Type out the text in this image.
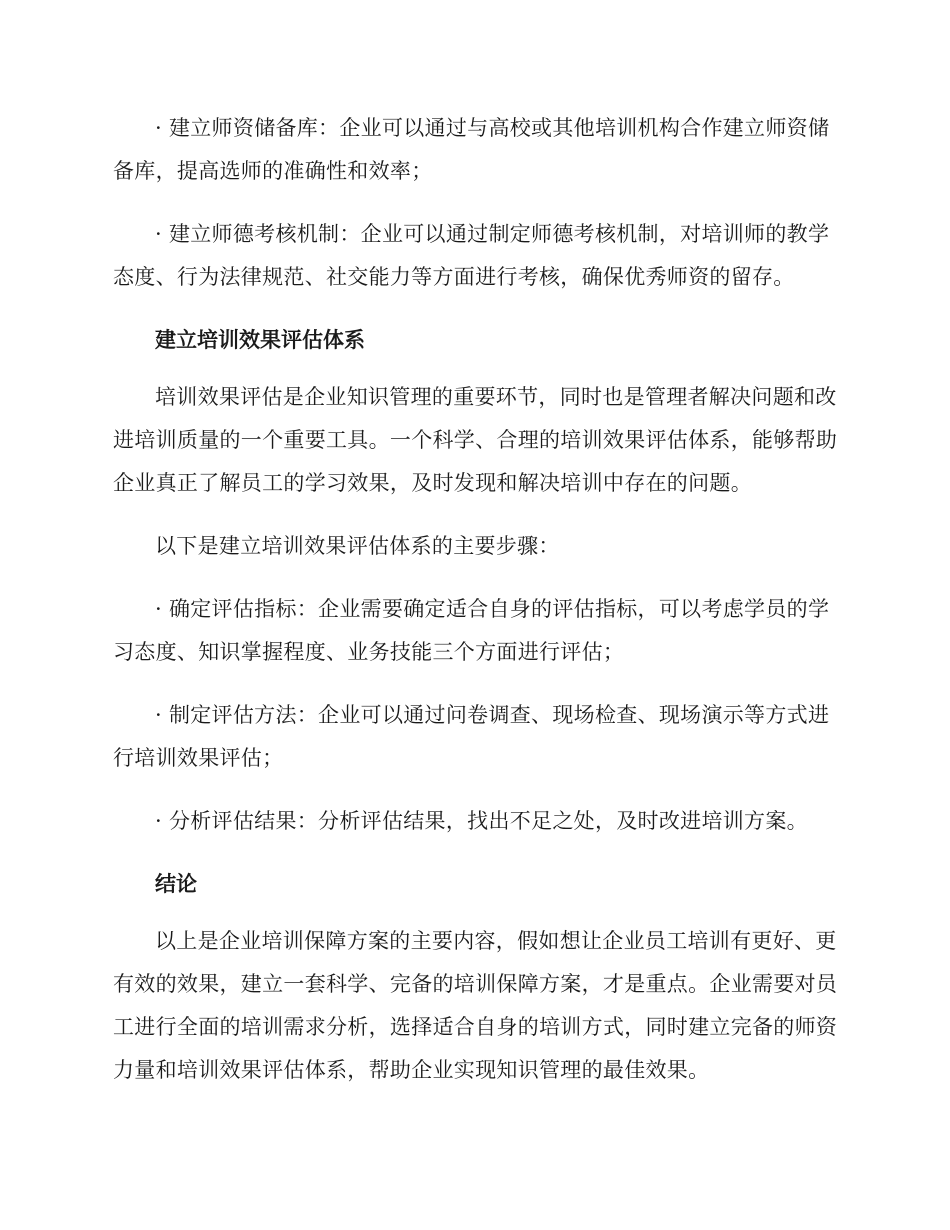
· 建立师资储备库：企业可以通过与高校或其他培训机构合作建立师资储备库，提高选师的准确性和效率；

· 建立师德考核机制：企业可以通过制定师德考核机制，对培训师的教学态度、行为法律规范、社交能力等方面进行考核，确保优秀师资的留存。

建立培训效果评估体系

培训效果评估是企业知识管理的重要环节，同时也是管理者解决问题和改进培训质量的一个重要工具。一个科学、合理的培训效果评估体系，能够帮助企业真正了解员工的学习效果，及时发现和解决培训中存在的问题。

以下是建立培训效果评估体系的主要步骤：

· 确定评估指标：企业需要确定适合自身的评估指标，可以考虑学员的学习态度、知识掌握程度、业务技能三个方面进行评估；

· 制定评估方法：企业可以通过问卷调查、现场检查、现场演示等方式进行培训效果评估；

· 分析评估结果：分析评估结果，找出不足之处，及时改进培训方案。

结论

以上是企业培训保障方案的主要内容，假如想让企业员工培训有更好、更有效的效果，建立一套科学、完备的培训保障方案，才是重点。企业需要对员工进行全面的培训需求分析，选择适合自身的培训方式，同时建立完备的师资力量和培训效果评估体系，帮助企业实现知识管理的最佳效果。
